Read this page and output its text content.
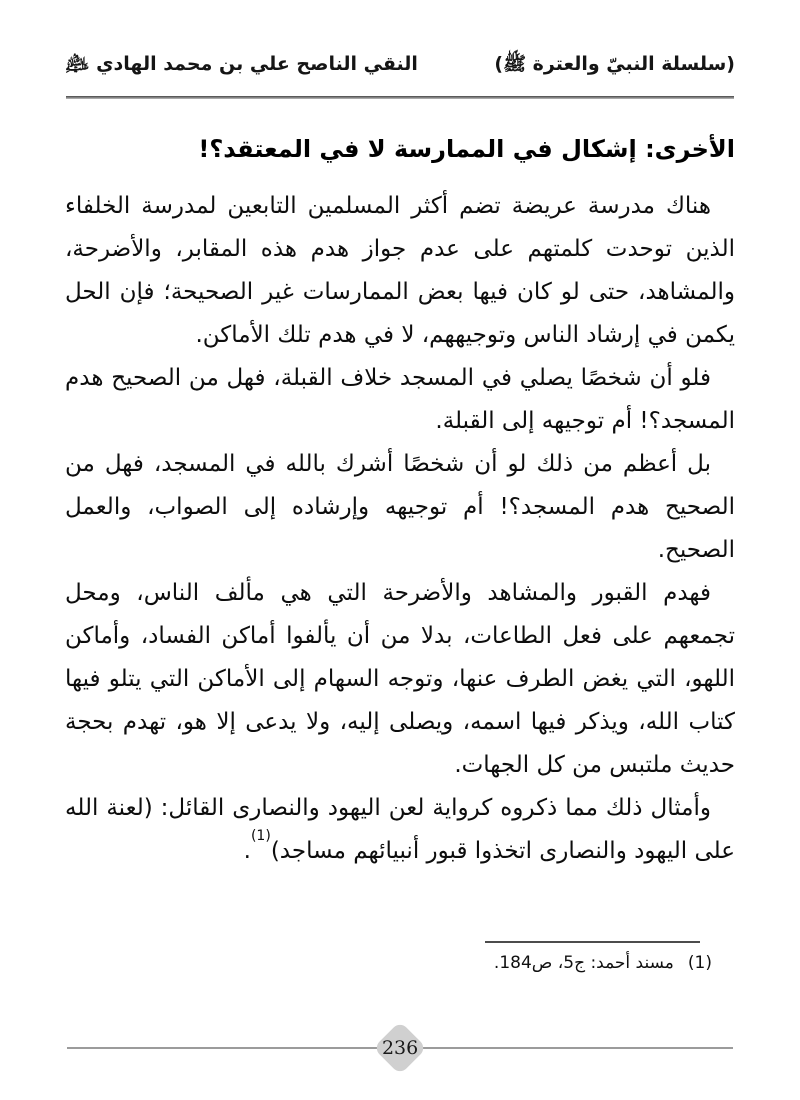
(سلسلة النبيّ والعترة ﷺ)
النقي الناصح علي بن محمد الهادي ﵇
الأخرى: إشكال في الممارسة لا في المعتقد؟!

هناك مدرسة عريضة تضم أكثر المسلمين التابعين لمدرسة الخلفاء الذين توحدت كلمتهم على عدم جواز هدم هذه المقابر، والأضرحة، والمشاهد، حتى لو كان فيها بعض الممارسات غير الصحيحة؛ فإن الحل يكمن في إرشاد الناس وتوجيههم، لا في هدم تلك الأماكن.

فلو أن شخصًا يصلي في المسجد خلاف القبلة، فهل من الصحيح هدم المسجد؟! أم توجيهه إلى القبلة.

بل أعظم من ذلك لو أن شخصًا أشرك بالله في المسجد، فهل من الصحيح هدم المسجد؟! أم توجيهه وإرشاده إلى الصواب، والعمل الصحيح.

فهدم القبور والمشاهد والأضرحة التي هي مألف الناس، ومحل تجمعهم على فعل الطاعات، بدلا من أن يألفوا أماكن الفساد، وأماكن اللهو، التي يغض الطرف عنها، وتوجه السهام إلى الأماكن التي يتلو فيها كتاب الله، ويذكر فيها اسمه، ويصلى إليه، ولا يدعى إلا هو، تهدم بحجة حديث ملتبس من كل الجهات.

وأمثال ذلك مما ذكروه كرواية لعن اليهود والنصارى القائل: (لعنة الله على اليهود والنصارى اتخذوا قبور أنبيائهم مساجد)$^{(1)}$.

(1)مسند أحمد: ج5، ص184.
236
